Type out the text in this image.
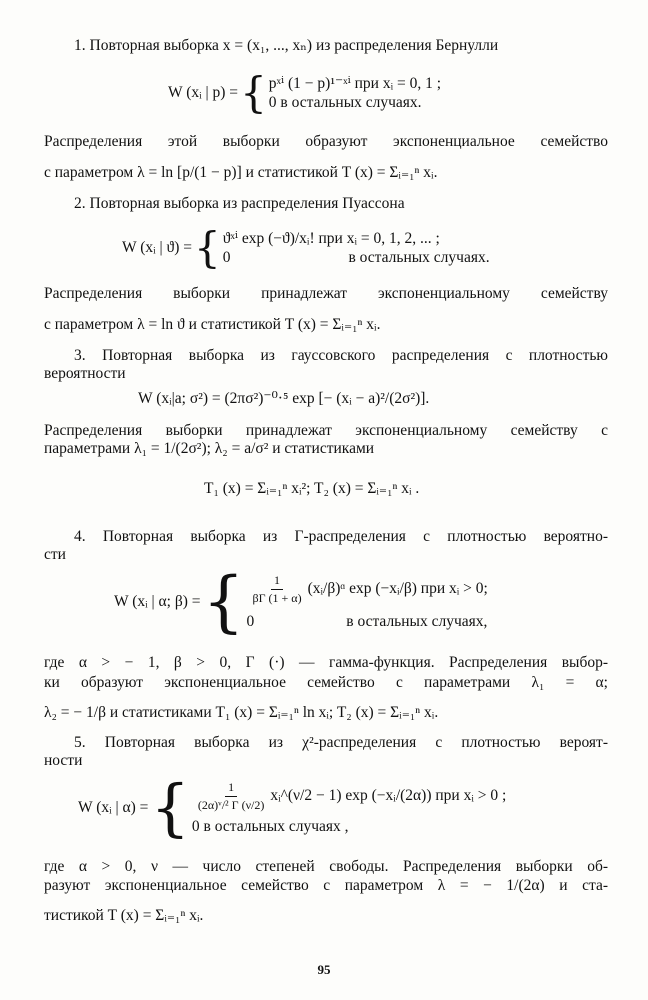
1. Повторная выборка x = (x₁, ..., xₙ) из распределения Бернулли
W (xᵢ | p) = { pˣⁱ (1 − p)¹⁻ˣⁱ при xᵢ = 0, 1 ;
0 в остальных случаях.
Распределения этой выборки образуют экспоненциальное семейство
с параметром λ = ln [p/(1 − p)] и статистикой T (x) = Σᵢ₌₁ⁿ xᵢ.
2. Повторная выборка из распределения Пуассона
W (xᵢ | ϑ) = { ϑˣⁱ exp (−ϑ)/xᵢ! при xᵢ = 0, 1, 2, ... ;
0	в остальных случаях.
Распределения выборки принадлежат экспоненциальному семейству
с параметром λ = ln ϑ и статистикой T (x) = Σᵢ₌₁ⁿ xᵢ.
3. Повторная выборка из гауссовского распределения с плотностью
вероятности
W (xᵢ|a; σ²) = (2πσ²)⁻⁰·⁵ exp [− (xᵢ − a)²/(2σ²)].
Распределения выборки принадлежат экспоненциальному семейству с
параметрами λ₁ = 1/(2σ²); λ₂ = a/σ² и статистиками
T₁ (x) = Σᵢ₌₁ⁿ xᵢ²; T₂ (x) = Σᵢ₌₁ⁿ xᵢ .
4. Повторная выборка из Γ-распределения с плотностью вероятно-
сти
W (xᵢ | α; β) = { $\frac{1}{\beta\Gamma (1 + \alpha)}$ (xᵢ/β)ᵅ exp (−xᵢ/β) при xᵢ > 0;
0	в остальных случаях,
где α > − 1, β > 0, Γ (·) — гамма-функция. Распределения выбор-
ки образуют экспоненциальное семейство с параметрами λ₁ = α;
λ₂ = − 1/β и статистиками T₁ (x) = Σᵢ₌₁ⁿ ln xᵢ; T₂ (x) = Σᵢ₌₁ⁿ xᵢ.
5. Повторная выборка из χ²-распределения с плотностью вероят-
ности
W (xᵢ | α) = { $\frac{1}{\text{(2α)ᵛ/² Γ (ν/2)}}$ xᵢ^(ν/2 − 1) exp (−xᵢ/(2α)) при xᵢ > 0 ;
0 в остальных случаях ,
где α > 0, ν — число степеней свободы. Распределения выборки об-
разуют экспоненциальное семейство с параметром λ = − 1/(2α) и ста-
тистикой T (x) = Σᵢ₌₁ⁿ xᵢ.
95
